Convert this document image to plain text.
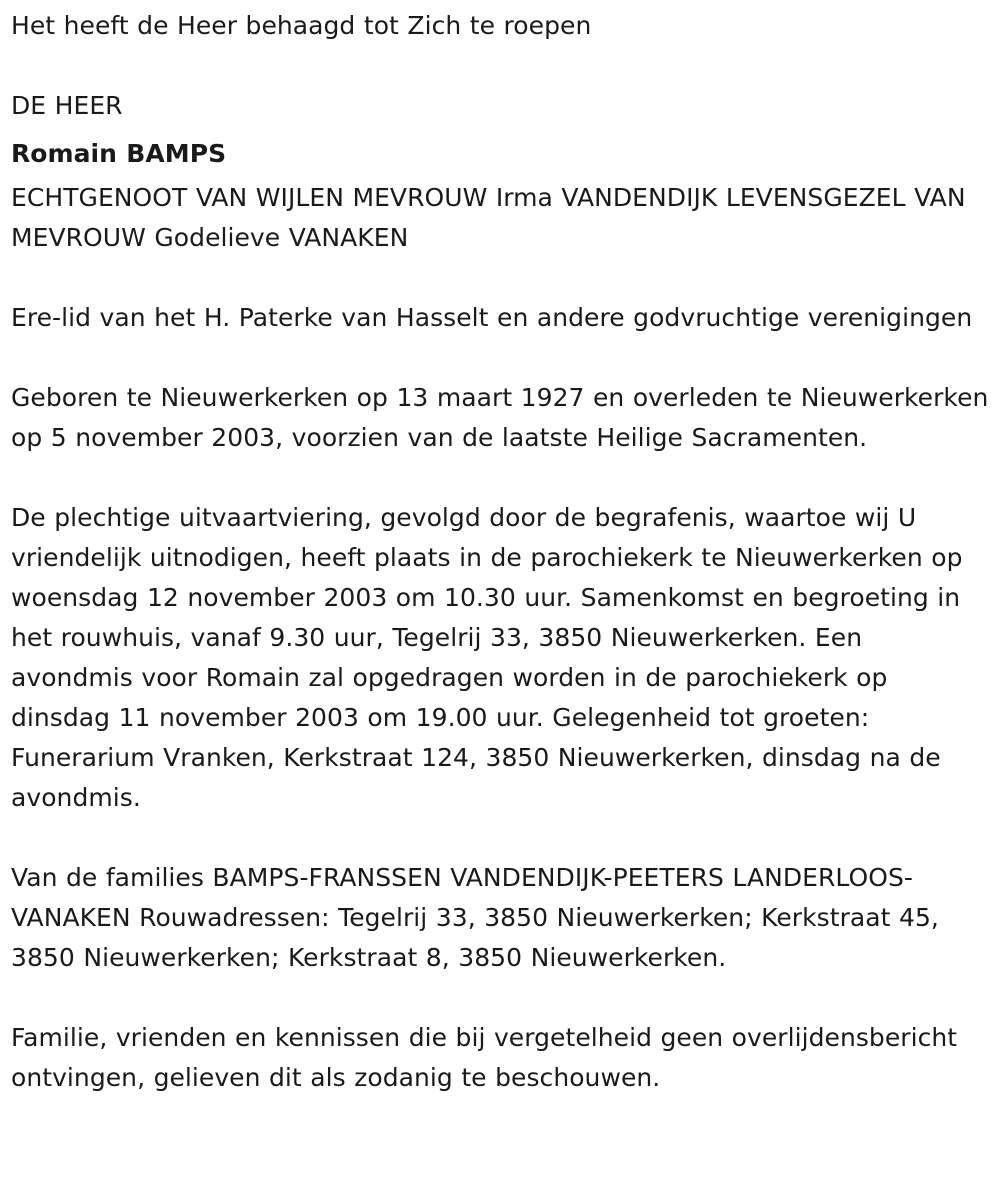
Het heeft de Heer behaagd tot Zich te roepen

DE HEER

Romain BAMPS

ECHTGENOOT VAN WIJLEN MEVROUW Irma VANDENDIJK LEVENSGEZEL VAN MEVROUW Godelieve VANAKEN

Ere-lid van het H. Paterke van Hasselt en andere godvruchtige verenigingen

Geboren te Nieuwerkerken op 13 maart 1927 en overleden te Nieuwerkerken op 5 november 2003, voorzien van de laatste Heilige Sacramenten.

De plechtige uitvaartviering, gevolgd door de begrafenis, waartoe wij U vriendelijk uitnodigen, heeft plaats in de parochiekerk te Nieuwerkerken op woensdag 12 november 2003 om 10.30 uur. Samenkomst en begroeting in het rouwhuis, vanaf 9.30 uur, Tegelrij 33, 3850 Nieuwerkerken. Een avondmis voor Romain zal opgedragen worden in de parochiekerk op dinsdag 11 november 2003 om 19.00 uur. Gelegenheid tot groeten: Funerarium Vranken, Kerkstraat 124, 3850 Nieuwerkerken, dinsdag na de avondmis.

Van de families BAMPS-FRANSSEN VANDENDIJK-PEETERS LANDERLOOS-VANAKEN Rouwadressen: Tegelrij 33, 3850 Nieuwerkerken; Kerkstraat 45, 3850 Nieuwerkerken; Kerkstraat 8, 3850 Nieuwerkerken.

Familie, vrienden en kennissen die bij vergetelheid geen overlijdensbericht ontvingen, gelieven dit als zodanig te beschouwen.
